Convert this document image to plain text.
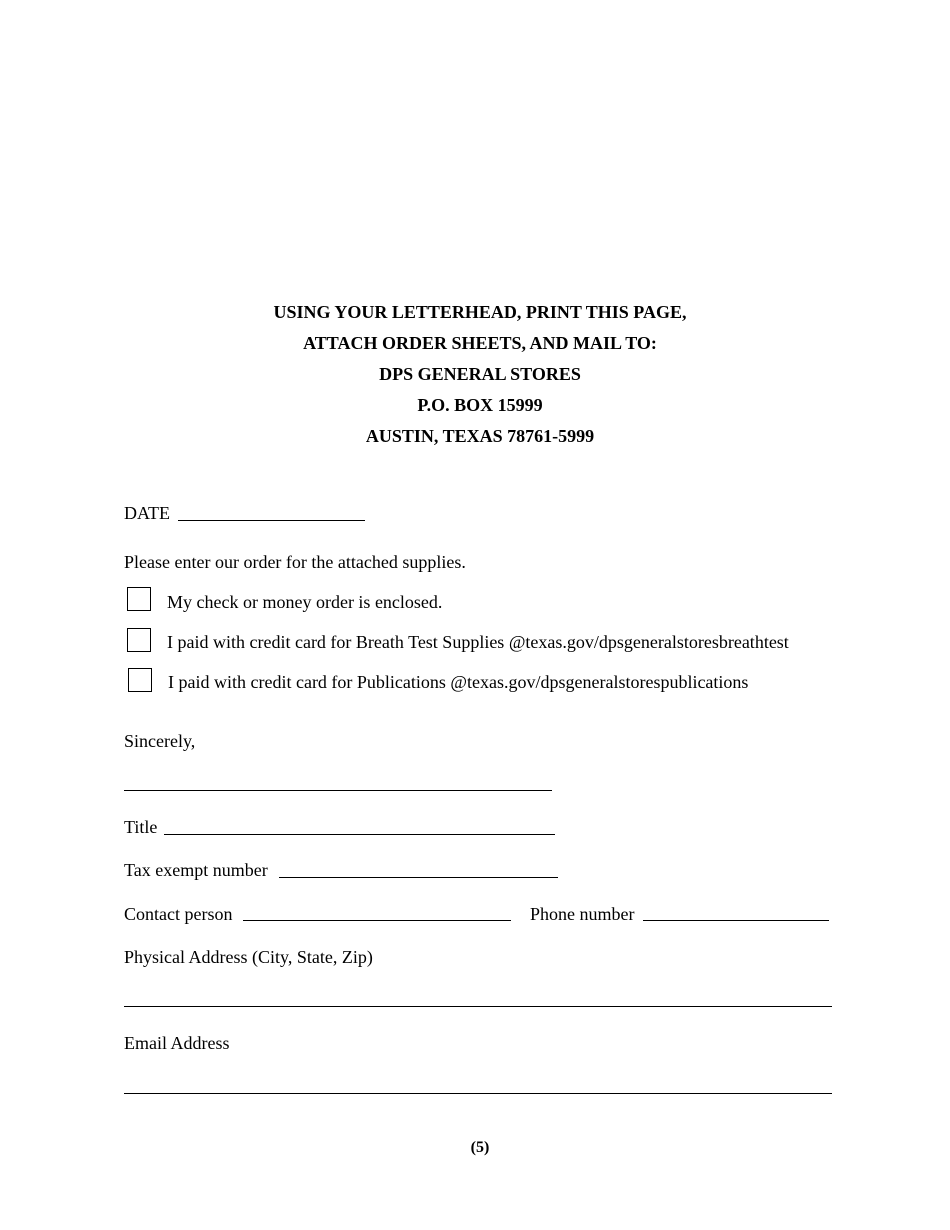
USING YOUR LETTERHEAD, PRINT THIS PAGE,
ATTACH ORDER SHEETS, AND MAIL TO:
DPS GENERAL STORES
P.O. BOX 15999
AUSTIN, TEXAS 78761-5999
DATE
Please enter our order for the attached supplies.
My check or money order is enclosed.
I paid with credit card for Breath Test Supplies @texas.gov/dpsgeneralstoresbreathtest
I paid with credit card for Publications @texas.gov/dpsgeneralstorespublications
Sincerely,
Title
Tax exempt number
Contact person	Phone number
Physical Address (City, State, Zip)
Email Address
(5)
